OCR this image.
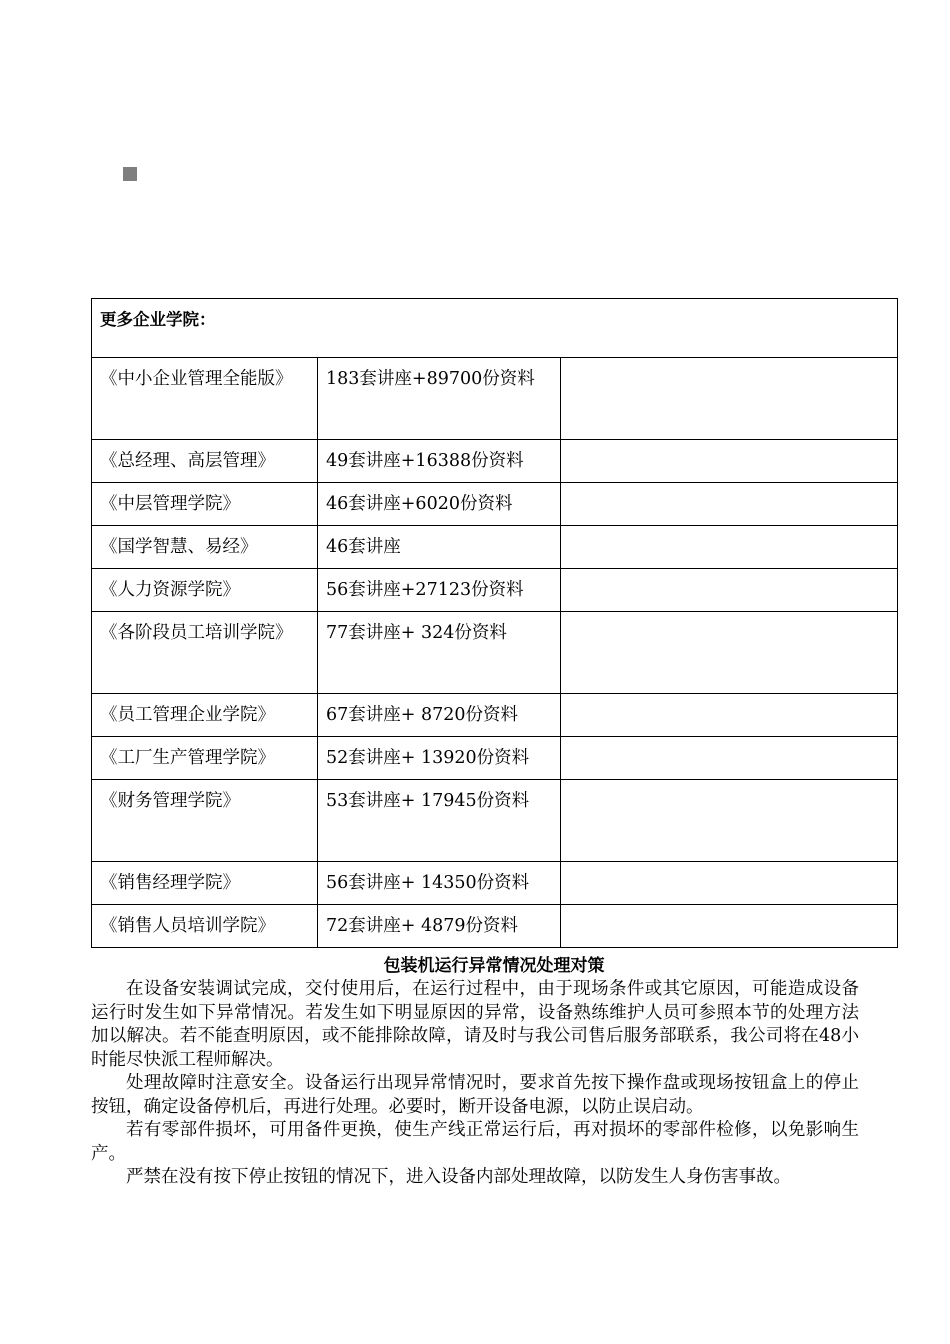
更多企业学院：		
《中小企业管理全能版》	183套讲座+89700份资料	
《总经理、高层管理》	49套讲座+16388份资料	
《中层管理学院》	46套讲座+6020份资料	
《国学智慧、易经》	46套讲座	
《人力资源学院》	56套讲座+27123份资料	
《各阶段员工培训学院》	77套讲座+ 324份资料	
《员工管理企业学院》	67套讲座+ 8720份资料	
《工厂生产管理学院》	52套讲座+ 13920份资料	
《财务管理学院》	53套讲座+ 17945份资料	
《销售经理学院》	56套讲座+ 14350份资料	
《销售人员培训学院》	72套讲座+ 4879份资料	
包装机运行异常情况处理对策

在设备安装调试完成，交付使用后，在运行过程中，由于现场条件或其它原因，可能造成设备运行时发生如下异常情况。若发生如下明显原因的异常，设备熟练维护人员可参照本节的处理方法加以解决。若不能查明原因，或不能排除故障，请及时与我公司售后服务部联系，我公司将在48小时能尽快派工程师解决。

处理故障时注意安全。设备运行出现异常情况时，要求首先按下操作盘或现场按钮盒上的停止按钮，确定设备停机后，再进行处理。必要时，断开设备电源，以防止误启动。

若有零部件损坏，可用备件更换，使生产线正常运行后，再对损坏的零部件检修，以免影响生产。

严禁在没有按下停止按钮的情况下，进入设备内部处理故障，以防发生人身伤害事故。
